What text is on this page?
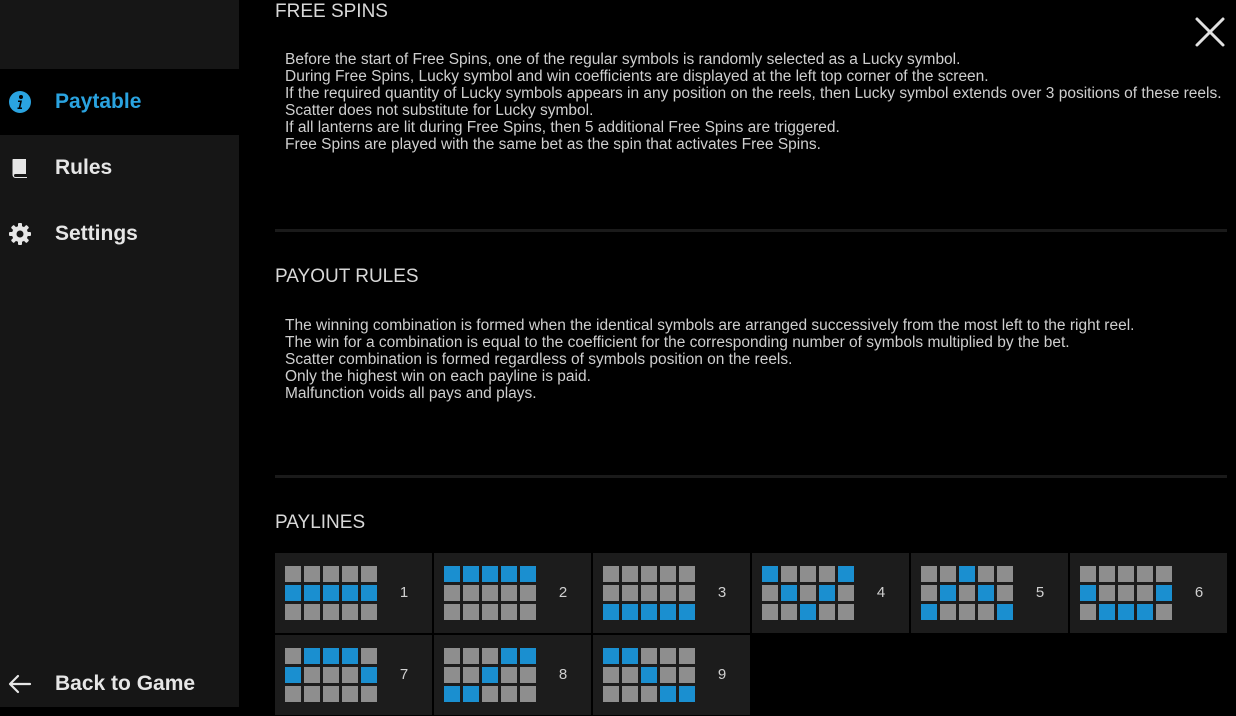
Paytable
Rules
Settings
Back to Game
FREE SPINS

Before the start of Free Spins, one of the regular symbols is randomly selected as a Lucky symbol.

During Free Spins, Lucky symbol and win coefficients are displayed at the left top corner of the screen.

If the required quantity of Lucky symbols appears in any position on the reels, then Lucky symbol extends over 3 positions of these reels.

Scatter does not substitute for Lucky symbol.

If all lanterns are lit during Free Spins, then 5 additional Free Spins are triggered.

Free Spins are played with the same bet as the spin that activates Free Spins.

PAYOUT RULES

The winning combination is formed when the identical symbols are arranged successively from the most left to the right reel.

The win for a combination is equal to the coefficient for the corresponding number of symbols multiplied by the bet.

Scatter combination is formed regardless of symbols position on the reels.

Only the highest win on each payline is paid.

Malfunction voids all pays and plays.

PAYLINES
1	2	3	4	5	6
7	8	9
